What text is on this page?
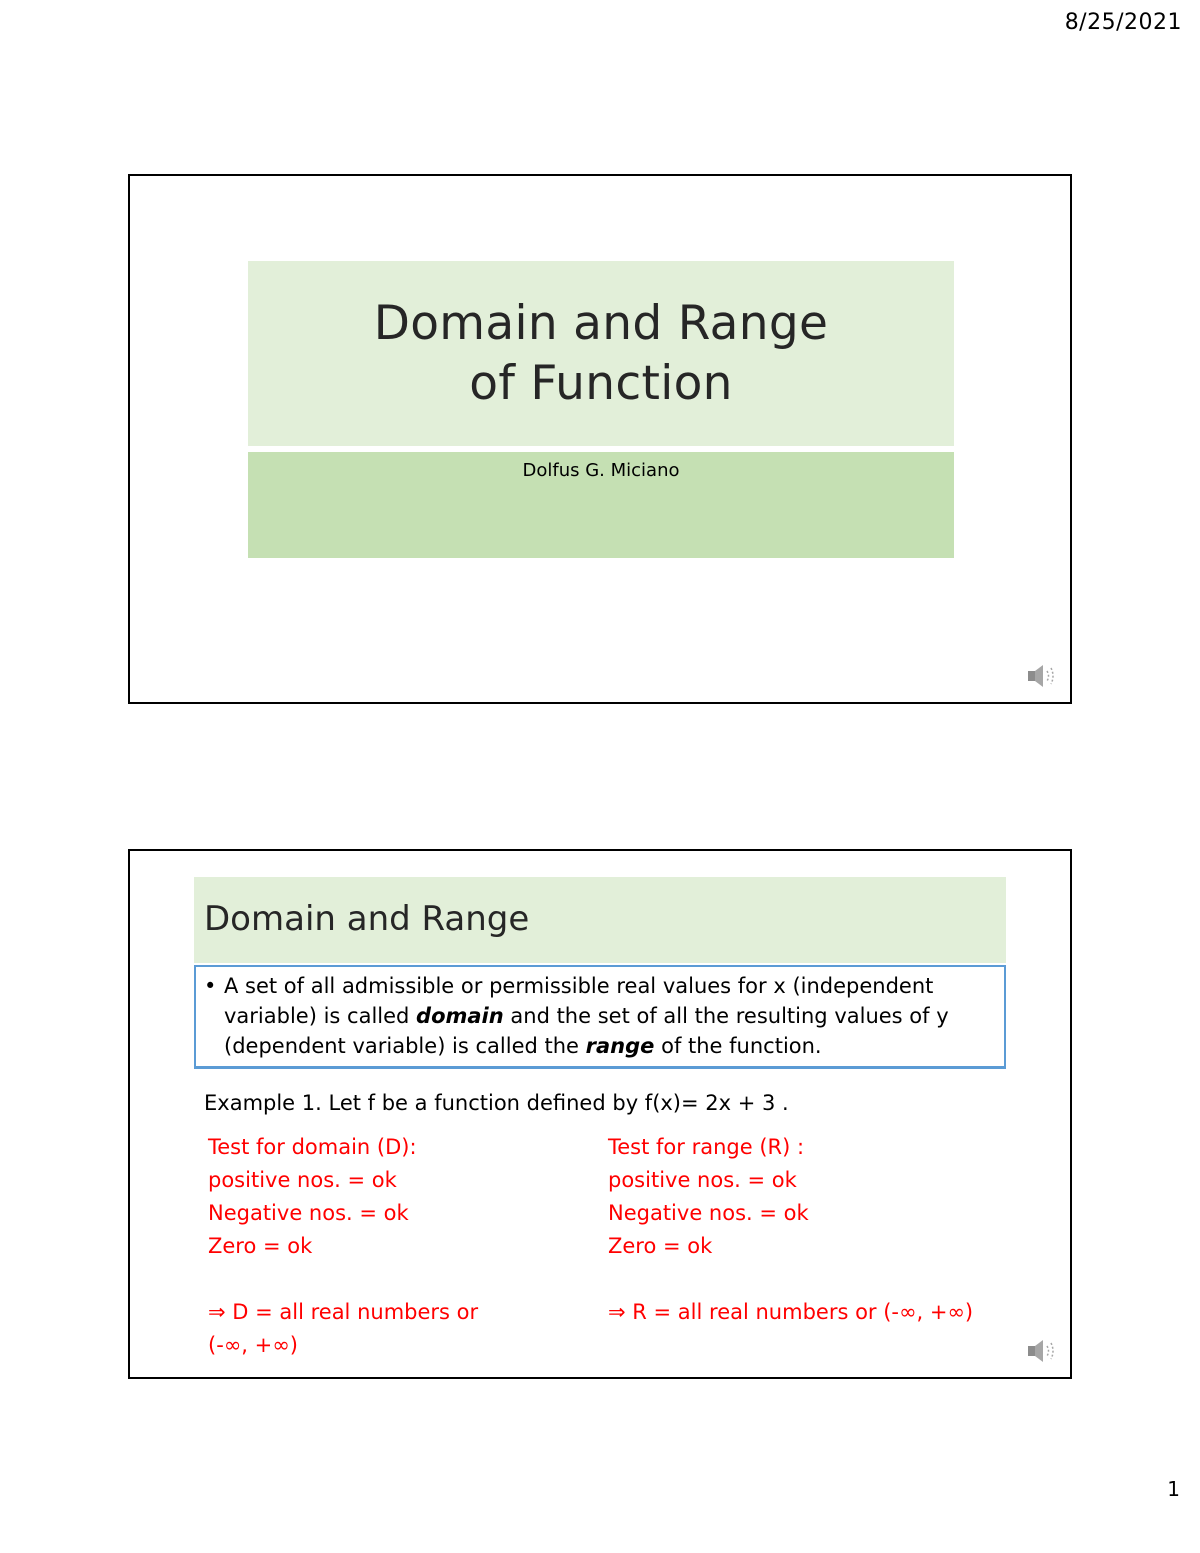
8/25/2021
Domain and Range
of Function
Dolfus G. Miciano
Domain and Range
• A set of all admissible or permissible real values for x (independent variable) is called domain and the set of all the resulting values of y (dependent variable) is called the range of the function.
Example 1. Let f be a function defined by f(x)= 2x + 3 .
Test for domain (D):
positive nos. = ok
Negative nos. = ok
Zero = ok
⇒ D = all real numbers or
(-∞, +∞)
Test for range (R) :
positive nos. = ok
Negative nos. = ok
Zero = ok
⇒ R = all real numbers or (-∞, +∞)
1
